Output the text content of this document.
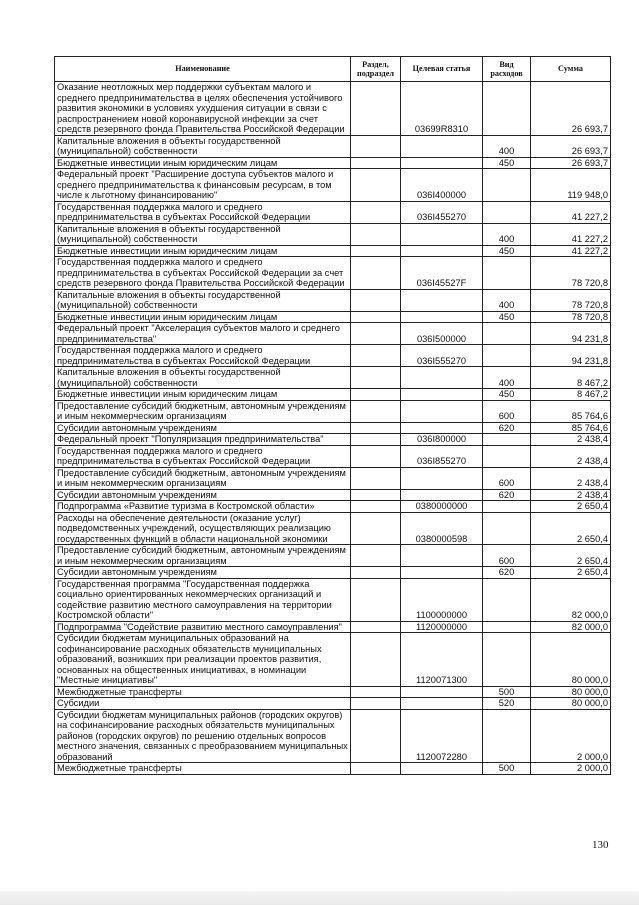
Наименование	Раздел, подраздел	Целевая статья	Вид расходов	Сумма
Оказание неотложных мер поддержки субъектам малого и среднего предпринимательства в целях обеспечения устойчивого развития экономики в условиях ухудшения ситуации в связи с распространением новой коронавирусной инфекции за счет средств резервного фонда Правительства Российской Федерации		03699R8310		26 693,7
Капитальные вложения в объекты государственной (муниципальной) собственности			400	26 693,7
Бюджетные инвестиции иным юридическим лицам			450	26 693,7
Федеральный проект "Расширение доступа субъектов малого и среднего предпринимательства к финансовым ресурсам, в том числе к льготному финансированию"		036I400000		119 948,0
Государственная поддержка малого и среднего предпринимательства в субъектах Российской Федерации		036I455270		41 227,2
Капитальные вложения в объекты государственной (муниципальной) собственности			400	41 227,2
Бюджетные инвестиции иным юридическим лицам			450	41 227,2
Государственная поддержка малого и среднего предпринимательства в субъектах Российской Федерации за счет средств резервного фонда Правительства Российской Федерации		036I45527F		78 720,8
Капитальные вложения в объекты государственной (муниципальной) собственности			400	78 720,8
Бюджетные инвестиции иным юридическим лицам			450	78 720,8
Федеральный проект "Акселерация субъектов малого и среднего предпринимательства"		036I500000		94 231,8
Государственная поддержка малого и среднего предпринимательства в субъектах Российской Федерации		036I555270		94 231,8
Капитальные вложения в объекты государственной (муниципальной) собственности			400	8 467,2
Бюджетные инвестиции иным юридическим лицам			450	8 467,2
Предоставление субсидий бюджетным, автономным учреждениям и иным некоммерческим организациям			600	85 764,6
Субсидии автономным учреждениям			620	85 764,6
Федеральный проект "Популяризация предпринимательства"		036I800000		2 438,4
Государственная поддержка малого и среднего предпринимательства в субъектах Российской Федерации		036I855270		2 438,4
Предоставление субсидий бюджетным, автономным учреждениям и иным некоммерческим организациям			600	2 438,4
Субсидии автономным учреждениям			620	2 438,4
Подпрограмма «Развитие туризма в Костромской области»		0380000000		2 650,4
Расходы на обеспечение деятельности (оказание услуг) подведомственных учреждений, осуществляющих реализацию государственных функций в области национальной экономики		0380000598		2 650,4
Предоставление субсидий бюджетным, автономным учреждениям и иным некоммерческим организациям			600	2 650,4
Субсидии автономным учреждениям			620	2 650,4
Государственная программа "Государственная поддержка социально ориентированных некоммерческих организаций и содействие развитию местного самоуправления на территории Костромской области"		1100000000		82 000,0
Подпрограмма "Содействие развитию местного самоуправления"		1120000000		82 000,0
Субсидии бюджетам муниципальных образований на софинансирование расходных обязательств муниципальных образований, возникших при реализации проектов развития, основанных на общественных инициативах, в номинации "Местные инициативы"		1120071300		80 000,0
Межбюджетные трансферты			500	80 000,0
Субсидии			520	80 000,0
Субсидии бюджетам муниципальных районов (городских округов) на софинансирование расходных обязательств муниципальных районов (городских округов) по решению отдельных вопросов местного значения, связанных с преобразованием муниципальных образований		1120072280		2 000,0
Межбюджетные трансферты			500	2 000,0
130
